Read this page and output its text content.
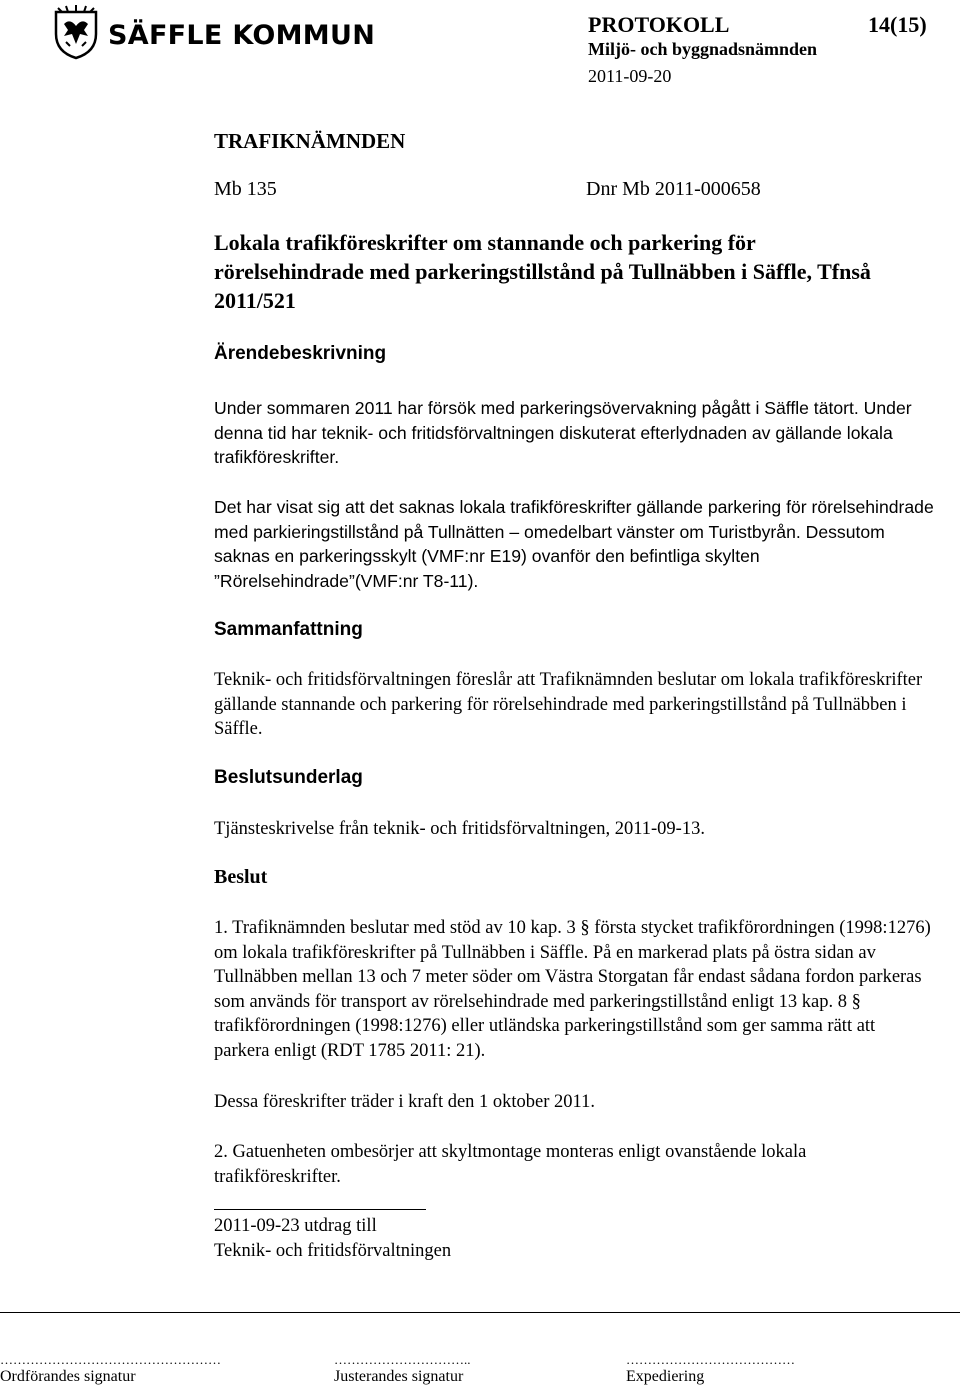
SÄFFLE KOMMUN	PROTOKOLL	14(15)
Miljö- och byggnadsnämnden
2011-09-20
TRAFIKNÄMNDEN
Mb 135	Dnr Mb 2011-000658
Lokala trafikföreskrifter om stannande och parkering för rörelsehindrade med parkeringstillstånd på Tullnäbben i Säffle, Tfnså 2011/521
Ärendebeskrivning

Under sommaren 2011 har försök med parkeringsövervakning pågått i Säffle tätort. Under denna tid har teknik- och fritidsförvaltningen diskuterat efterlydnaden av gällande lokala trafikföreskrifter.

Det har visat sig att det saknas lokala trafikföreskrifter gällande parkering för rörelsehindrade med parkieringstillstånd på Tullnätten – omedelbart vänster om Turistbyrån. Dessutom saknas en parkeringsskylt (VMF:nr E19) ovanför den befintliga skylten ”Rörelsehindrade”(VMF:nr T8-11).

Sammanfattning

Teknik- och fritidsförvaltningen föreslår att Trafiknämnden beslutar om lokala trafikföreskrifter gällande stannande och parkering för rörelsehindrade med parkeringstillstånd på Tullnäbben i Säffle.

Beslutsunderlag

Tjänsteskrivelse från teknik- och fritidsförvaltningen, 2011-09-13.

Beslut

1. Trafiknämnden beslutar med stöd av 10 kap. 3 § första stycket trafikförordningen (1998:1276) om lokala trafikföreskrifter på Tullnäbben i Säffle. På en markerad plats på östra sidan av Tullnäbben mellan 13 och 7 meter söder om Västra Storgatan får endast sådana fordon parkeras som används för transport av rörelsehindrade med parkeringstillstånd enligt 13 kap. 8 § trafikförordningen (1998:1276) eller utländska parkeringstillstånd som ger samma rätt att parkera enligt (RDT 1785 2011: 21).

Dessa föreskrifter träder i kraft den 1 oktober 2011.

2. Gatuenheten ombesörjer att skyltmontage monteras enligt ovanstående lokala trafikföreskrifter.

2011-09-23 utdrag till

Teknik- och fritidsförvaltningen

……………………………………………	…………………………..	…………………………………
Ordförandes signatur	Justerandes signatur	Expediering
